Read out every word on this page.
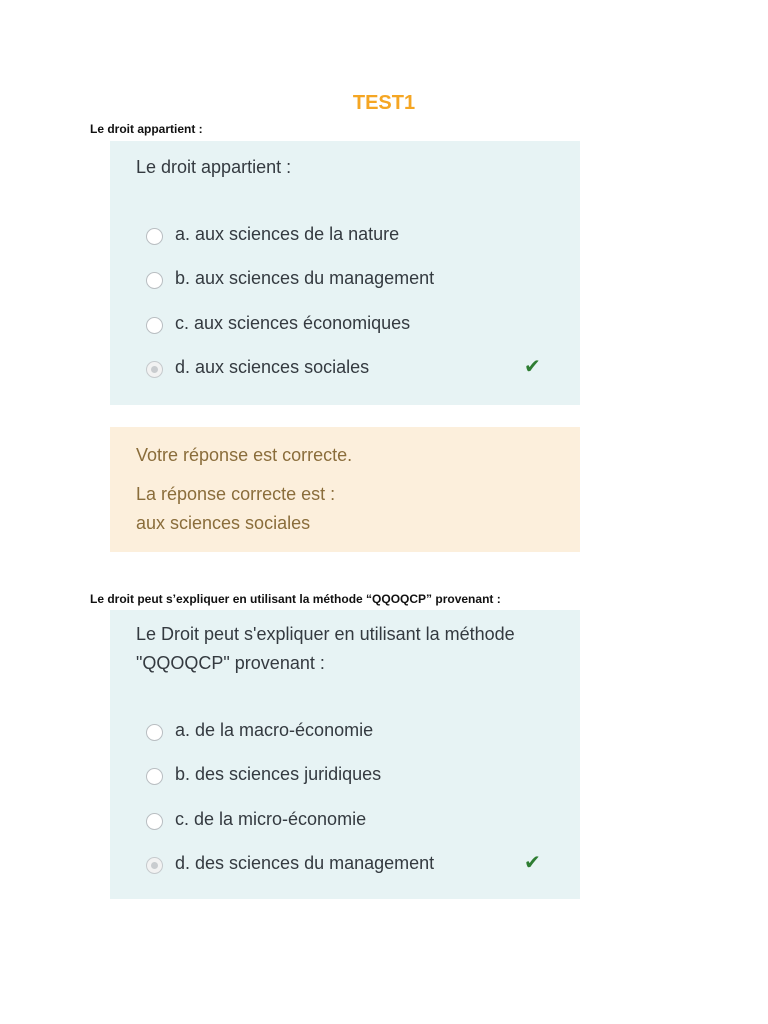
TEST1
Le droit appartient :
Le droit appartient :
a. aux sciences de la nature
b. aux sciences du management
c. aux sciences économiques
d. aux sciences sociales	✔
Votre réponse est correcte.
La réponse correcte est :
aux sciences sociales
Le droit peut s’expliquer en utilisant la méthode “QQOQCP” provenant :
Le Droit peut s'expliquer en utilisant la méthode "QQOQCP" provenant :
a. de la macro-économie
b. des sciences juridiques
c. de la micro-économie
d. des sciences du management	✔
